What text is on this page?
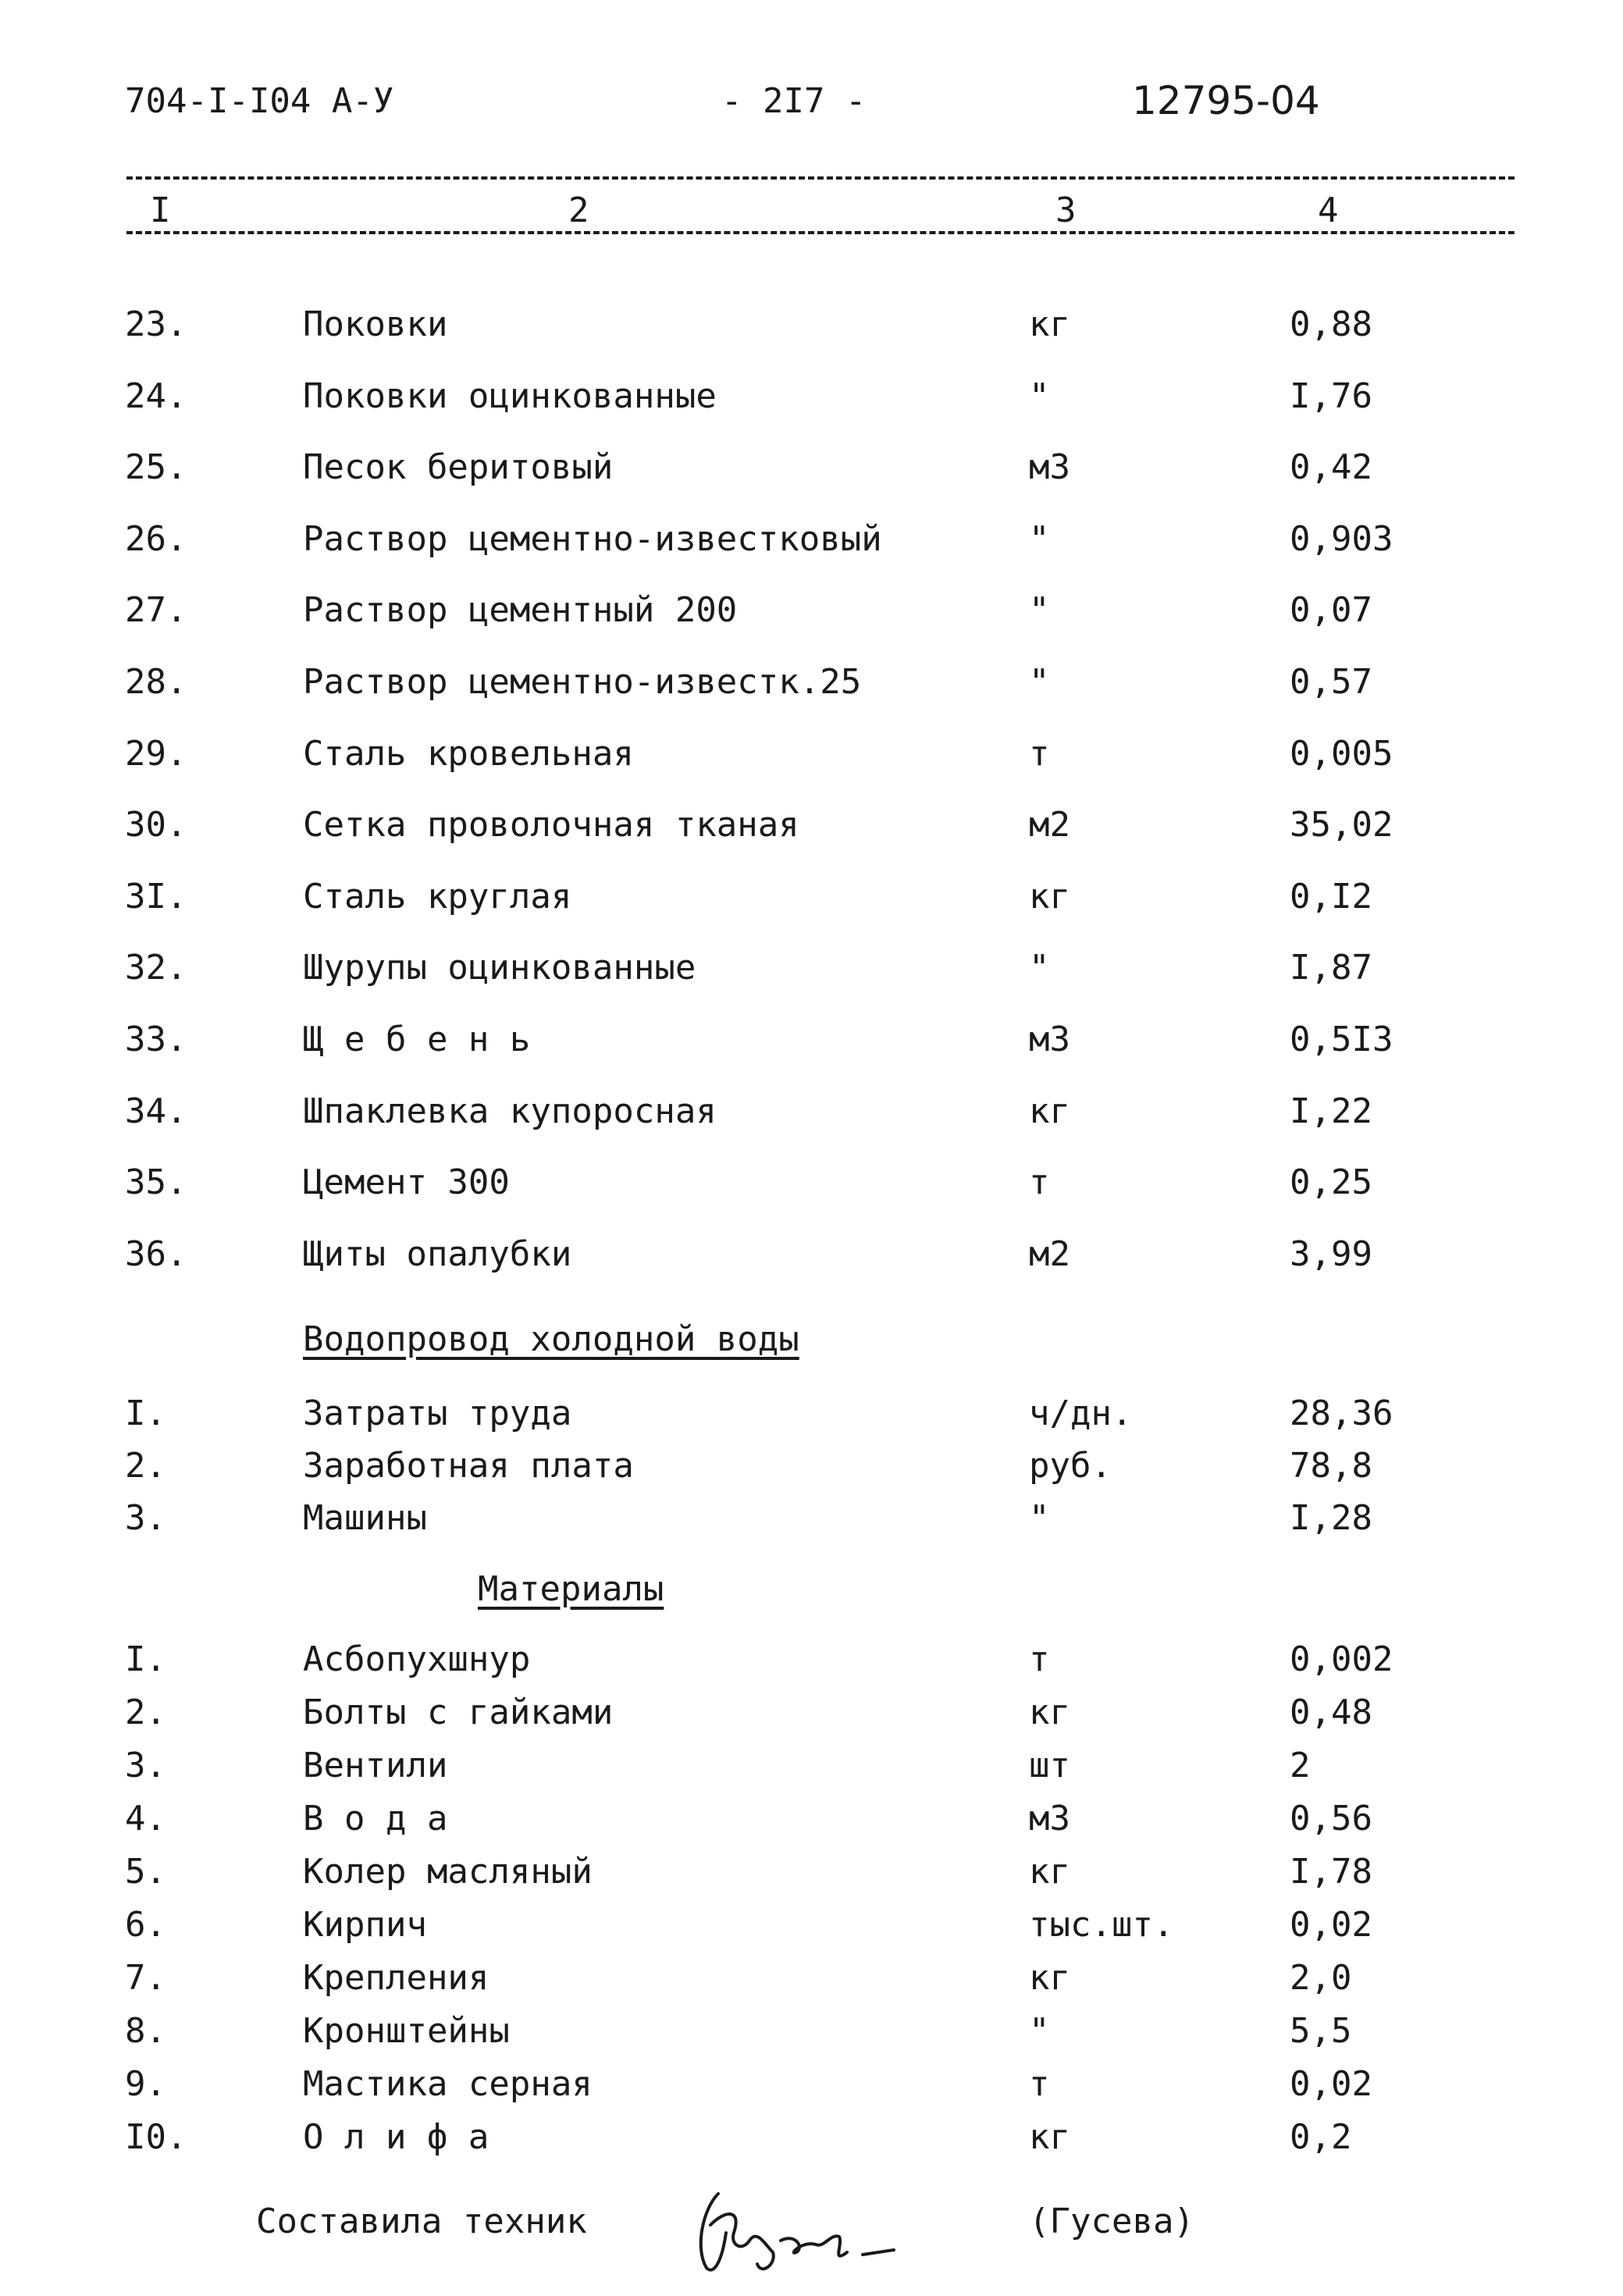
704-I-I04 А-У	- 2I7 -	12795-04
I	2	3	4
23.	Поковки	кг	0,88
24.	Поковки оцинкованные	"	I,76
25.	Песок беритовый	м3	0,42
26.	Раствор цементно-известковый	"	0,903
27.	Раствор цементный 200	"	0,07
28.	Раствор цементно-известк.25	"	0,57
29.	Сталь кровельная	т	0,005
30.	Сетка проволочная тканая	м2	35,02
3I.	Сталь круглая	кг	0,I2
32.	Шурупы оцинкованные	"	I,87
33.	Щ е б е н ь	м3	0,5I3
34.	Шпаклевка купоросная	кг	I,22
35.	Цемент 300	т	0,25
36.	Щиты опалубки	м2	3,99
Водопровод холодной воды
I.	Затраты труда	ч/дн.	28,36
2.	Заработная плата	руб.	78,8
3.	Машины	"	I,28
Материалы
I.	Асбопухшнур	т	0,002
2.	Болты с гайками	кг	0,48
3.	Вентили	шт	2
4.	В о д а	м3	0,56
5.	Колер масляный	кг	I,78
6.	Кирпич	тыс.шт.	0,02
7.	Крепления	кг	2,0
8.	Кронштейны	"	5,5
9.	Мастика серная	т	0,02
I0.	О л и ф а	кг	0,2
Составила техник	(Гусева)
